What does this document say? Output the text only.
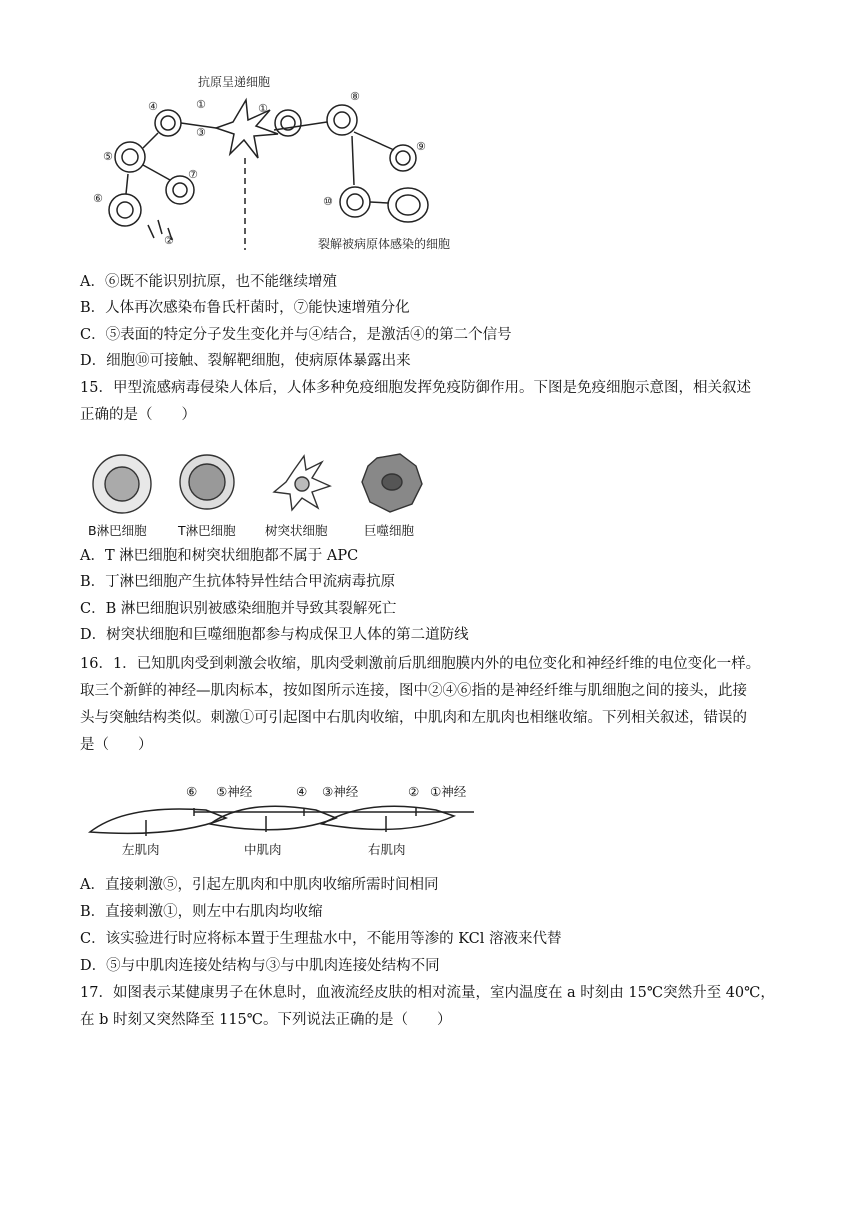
抗原呈递细胞
裂解被病原体感染的细胞
①	①
②
③
④
⑤
⑥
⑦
⑧
⑨
⑩
A．⑥既不能识别抗原，也不能继续增殖
B．人体再次感染布鲁氏杆菌时，⑦能快速增殖分化
C．⑤表面的特定分子发生变化并与④结合，是激活④的第二个信号
D．细胞⑩可接触、裂解靶细胞，使病原体暴露出来
15．甲型流感病毒侵染人体后，人体多种免疫细胞发挥免疫防御作用。下图是免疫细胞示意图，相关叙述
正确的是（　　）
B淋巴细胞	T淋巴细胞 树突状细胞	巨噬细胞
A．T 淋巴细胞和树突状细胞都不属于 APC
B．丁淋巴细胞产生抗体特异性结合甲流病毒抗原
C．B 淋巴细胞识别被感染细胞并导致其裂解死亡
D．树突状细胞和巨噬细胞都参与构成保卫人体的第二道防线
16．1．已知肌肉受到刺激会收缩，肌肉受刺激前后肌细胞膜内外的电位变化和神经纤维的电位变化一样。
取三个新鲜的神经—肌肉标本，按如图所示连接，图中②④⑥指的是神经纤维与肌细胞之间的接头，此接
头与突触结构类似。刺激①可引起图中右肌肉收缩，中肌肉和左肌肉也相继收缩。下列相关叙述，错误的
是（　　）
⑥ ⑤神经	④ ③神经	② ①神经
左肌肉	中肌肉	右肌肉
A．直接刺激⑤，引起左肌肉和中肌肉收缩所需时间相同
B．直接刺激①，则左中右肌肉均收缩
C．该实验进行时应将标本置于生理盐水中，不能用等渗的 KCl 溶液来代替
D．⑤与中肌肉连接处结构与③与中肌肉连接处结构不同
17．如图表示某健康男子在休息时，血液流经皮肤的相对流量，室内温度在 a 时刻由 15℃突然升至 40℃，
在 b 时刻又突然降至 115℃。下列说法正确的是（　　）
